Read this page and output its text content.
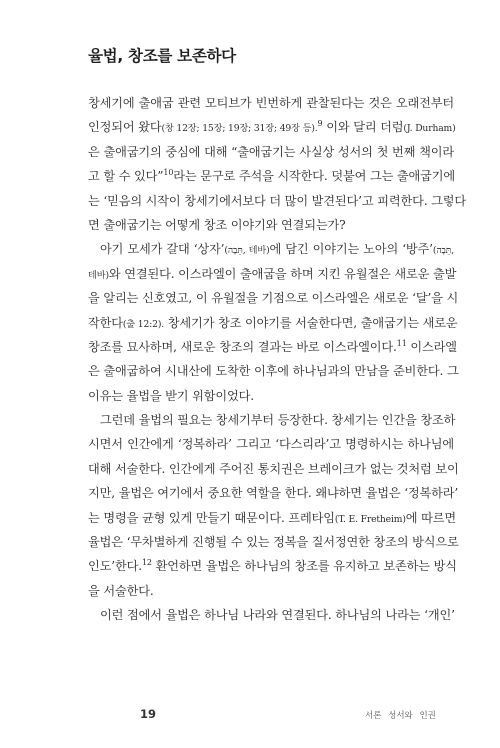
율법, 창조를 보존하다
창세기에 출애굽 관련 모티브가 빈번하게 관찰된다는 것은 오래전부터
인정되어 왔다(창 12장; 15장; 19장; 31장; 49장 등).$^9$ 이와 달리 더럼(J. Durham)
은 출애굽기의 중심에 대해 “출애굽기는 사실상 성서의 첫 번째 책이라
고 할 수 있다”$^{10}$라는 문구로 주석을 시작한다. 덧붙여 그는 출애굽기에
는 ‘믿음의 시작이 창세기에서보다 더 많이 발견된다’고 피력한다. 그렇다
면 출애굽기는 어떻게 창조 이야기와 연결되는가?
아기 모세가 갈대 ‘상자’(תֵּבָה, 테바)에 담긴 이야기는 노아의 ‘방주’(תֵּבָה,
테바)와 연결된다. 이스라엘이 출애굽을 하며 지킨 유월절은 새로운 출발
을 알리는 신호였고, 이 유월절을 기점으로 이스라엘은 새로운 ‘달’을 시
작한다(출 12:2). 창세기가 창조 이야기를 서술한다면, 출애굽기는 새로운
창조를 묘사하며, 새로운 창조의 결과는 바로 이스라엘이다.$^{11}$ 이스라엘
은 출애굽하여 시내산에 도착한 이후에 하나님과의 만남을 준비한다. 그
이유는 율법을 받기 위함이었다.
그런데 율법의 필요는 창세기부터 등장한다. 창세기는 인간을 창조하
시면서 인간에게 ‘정복하라’ 그리고 ‘다스리라’고 명령하시는 하나님에
대해 서술한다. 인간에게 주어진 통치권은 브레이크가 없는 것처럼 보이
지만, 율법은 여기에서 중요한 역할을 한다. 왜냐하면 율법은 ‘정복하라’
는 명령을 균형 있게 만들기 때문이다. 프레타임(T. E. Fretheim)에 따르면
율법은 ‘무차별하게 진행될 수 있는 정복을 질서정연한 창조의 방식으로
인도’한다.$^{12}$ 환언하면 율법은 하나님의 창조를 유지하고 보존하는 방식
을 서술한다.
이런 점에서 율법은 하나님 나라와 연결된다. 하나님의 나라는 ‘개인’
19	서론 성서와 인권
